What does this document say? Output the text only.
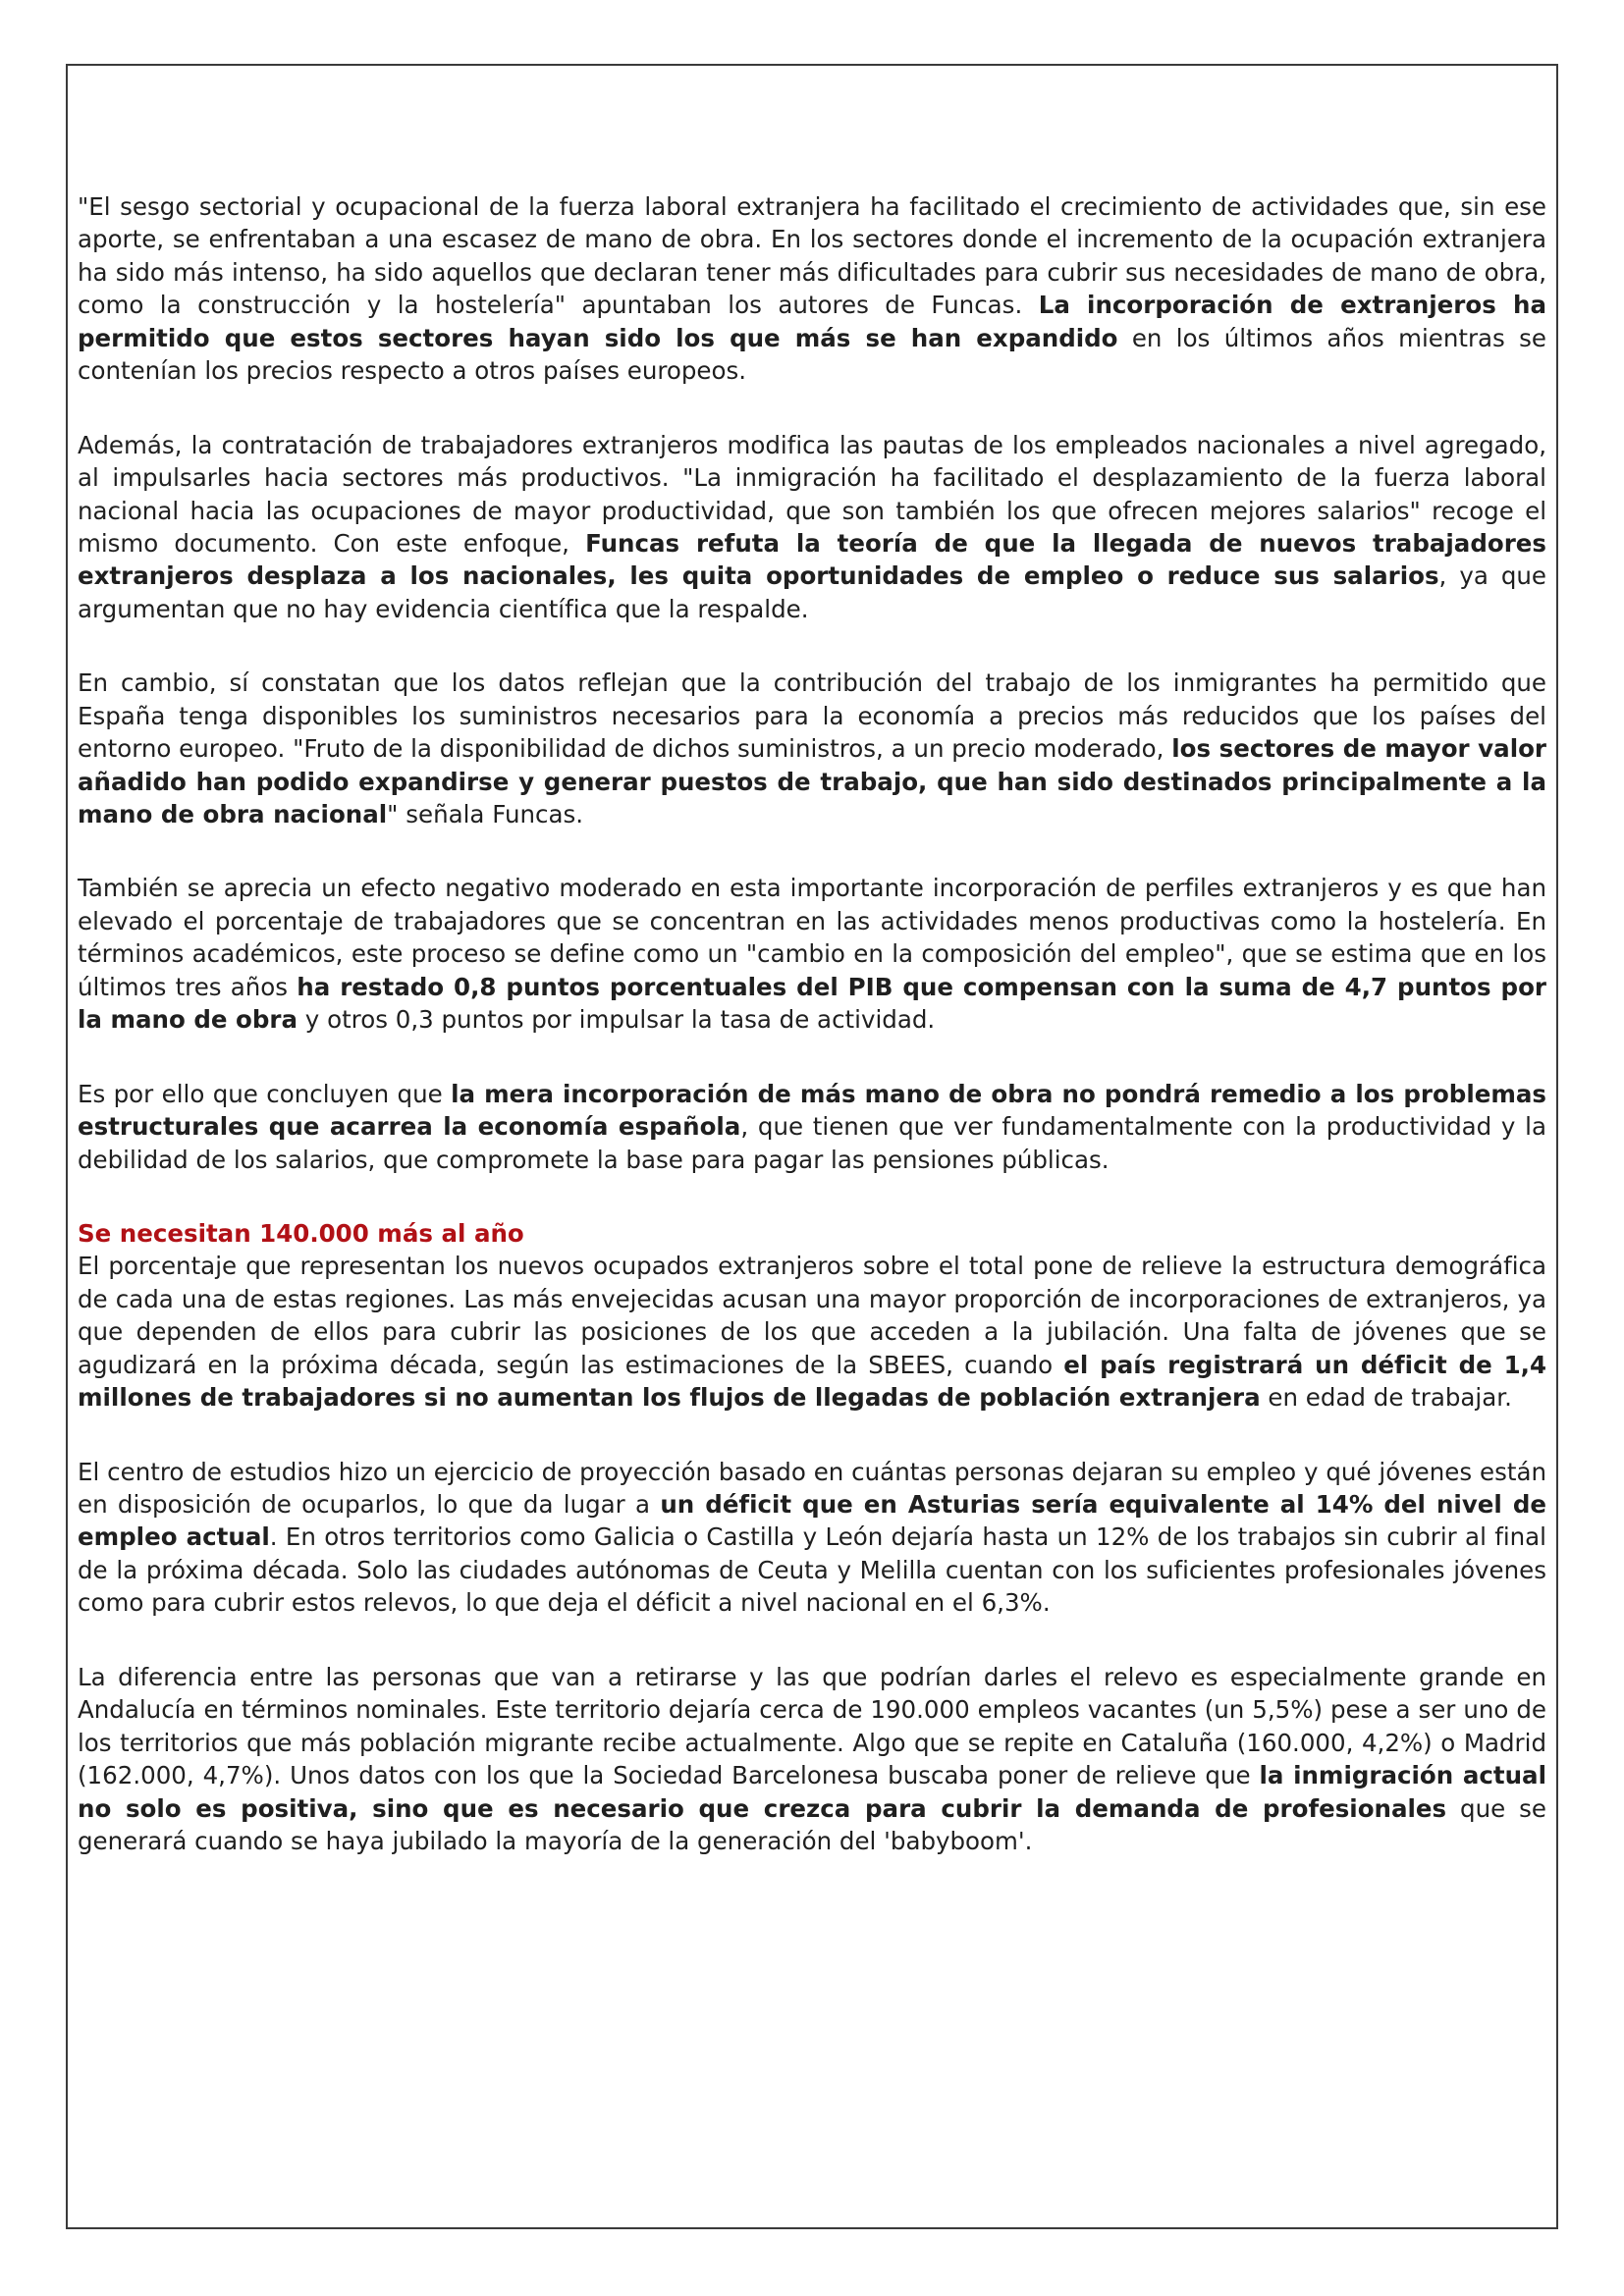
"El sesgo sectorial y ocupacional de la fuerza laboral extranjera ha facilitado el crecimiento de actividades que, sin ese aporte, se enfrentaban a una escasez de mano de obra. En los sectores donde el incremento de la ocupación extranjera ha sido más intenso, ha sido aquellos que declaran tener más dificultades para cubrir sus necesidades de mano de obra, como la construcción y la hostelería" apuntaban los autores de Funcas. La incorporación de extranjeros ha permitido que estos sectores hayan sido los que más se han expandido en los últimos años mientras se contenían los precios respecto a otros países europeos.

Además, la contratación de trabajadores extranjeros modifica las pautas de los empleados nacionales a nivel agregado, al impulsarles hacia sectores más productivos. "La inmigración ha facilitado el desplazamiento de la fuerza laboral nacional hacia las ocupaciones de mayor productividad, que son también los que ofrecen mejores salarios" recoge el mismo documento. Con este enfoque, Funcas refuta la teoría de que la llegada de nuevos trabajadores extranjeros desplaza a los nacionales, les quita oportunidades de empleo o reduce sus salarios, ya que argumentan que no hay evidencia científica que la respalde.

En cambio, sí constatan que los datos reflejan que la contribución del trabajo de los inmigrantes ha permitido que España tenga disponibles los suministros necesarios para la economía a precios más reducidos que los países del entorno europeo. "Fruto de la disponibilidad de dichos suministros, a un precio moderado, los sectores de mayor valor añadido han podido expandirse y generar puestos de trabajo, que han sido destinados principalmente a la mano de obra nacional" señala Funcas.

También se aprecia un efecto negativo moderado en esta importante incorporación de perfiles extranjeros y es que han elevado el porcentaje de trabajadores que se concentran en las actividades menos productivas como la hostelería. En términos académicos, este proceso se define como un "cambio en la composición del empleo", que se estima que en los últimos tres años ha restado 0,8 puntos porcentuales del PIB que compensan con la suma de 4,7 puntos por la mano de obra y otros 0,3 puntos por impulsar la tasa de actividad.

Es por ello que concluyen que la mera incorporación de más mano de obra no pondrá remedio a los problemas estructurales que acarrea la economía española, que tienen que ver fundamentalmente con la productividad y la debilidad de los salarios, que compromete la base para pagar las pensiones públicas.

Se necesitan 140.000 más al año

El porcentaje que representan los nuevos ocupados extranjeros sobre el total pone de relieve la estructura demográfica de cada una de estas regiones. Las más envejecidas acusan una mayor proporción de incorporaciones de extranjeros, ya que dependen de ellos para cubrir las posiciones de los que acceden a la jubilación. Una falta de jóvenes que se agudizará en la próxima década, según las estimaciones de la SBEES, cuando el país registrará un déficit de 1,4 millones de trabajadores si no aumentan los flujos de llegadas de población extranjera en edad de trabajar.

El centro de estudios hizo un ejercicio de proyección basado en cuántas personas dejaran su empleo y qué jóvenes están en disposición de ocuparlos, lo que da lugar a un déficit que en Asturias sería equivalente al 14% del nivel de empleo actual. En otros territorios como Galicia o Castilla y León dejaría hasta un 12% de los trabajos sin cubrir al final de la próxima década. Solo las ciudades autónomas de Ceuta y Melilla cuentan con los suficientes profesionales jóvenes como para cubrir estos relevos, lo que deja el déficit a nivel nacional en el 6,3%.

La diferencia entre las personas que van a retirarse y las que podrían darles el relevo es especialmente grande en Andalucía en términos nominales. Este territorio dejaría cerca de 190.000 empleos vacantes (un 5,5%) pese a ser uno de los territorios que más población migrante recibe actualmente. Algo que se repite en Cataluña (160.000, 4,2%) o Madrid (162.000, 4,7%). Unos datos con los que la Sociedad Barcelonesa buscaba poner de relieve que la inmigración actual no solo es positiva, sino que es necesario que crezca para cubrir la demanda de profesionales que se generará cuando se haya jubilado la mayoría de la generación del 'babyboom'.
